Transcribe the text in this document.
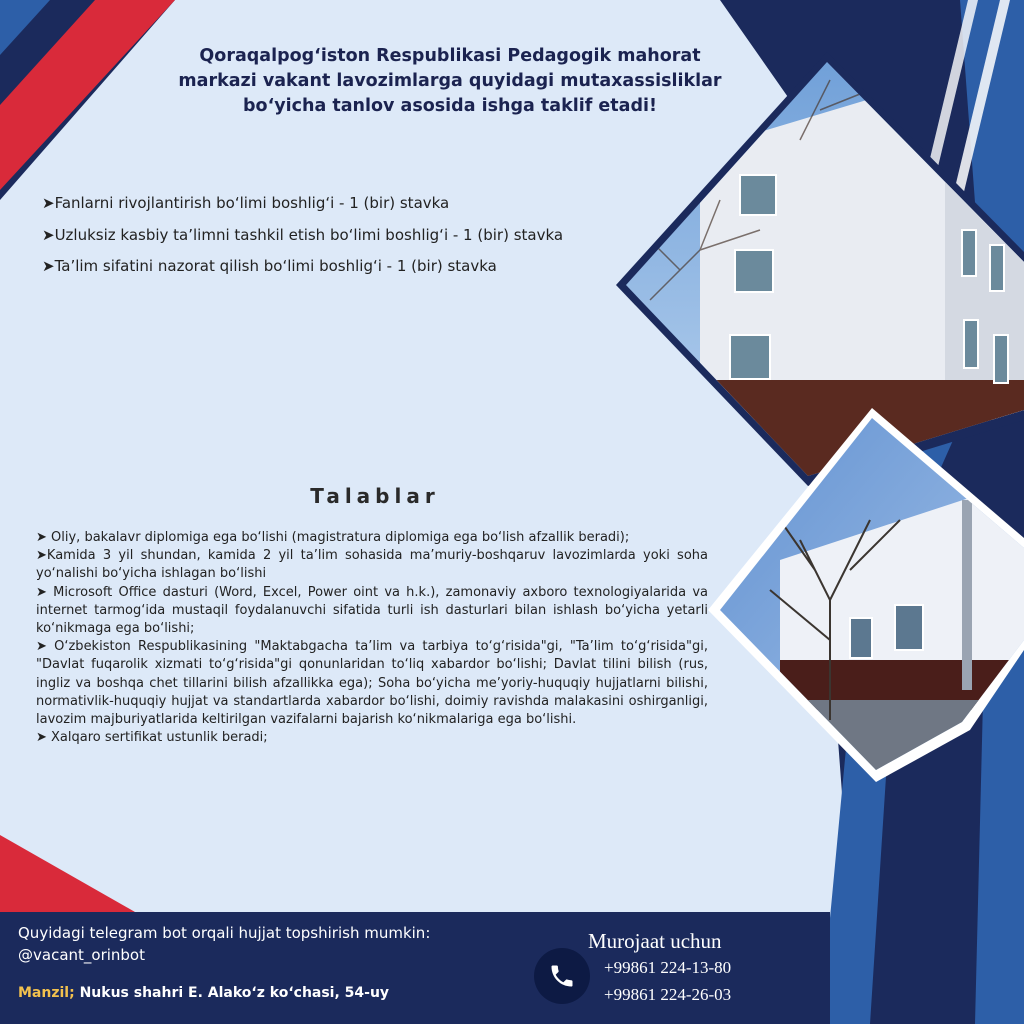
Qoraqalpog‘iston Respublikasi Pedagogik mahorat
markazi vakant lavozimlarga quyidagi mutaxassisliklar
bo‘yicha tanlov asosida ishga taklif etadi!
➤Fanlarni rivojlantirish bo‘limi boshlig‘i - 1 (bir) stavka
➤Uzluksiz kasbiy ta’limni tashkil etish bo‘limi boshlig‘i - 1 (bir) stavka
➤Ta’lim sifatini nazorat qilish bo‘limi boshlig‘i - 1 (bir) stavka
Talablar

➤ Oliy, bakalavr diplomiga ega bo‘lishi (magistratura diplomiga ega bo‘lish afzallik beradi);

➤Kamida 3 yil shundan, kamida 2 yil ta’lim sohasida ma’muriy-boshqaruv lavozimlarda yoki soha yo‘nalishi bo‘yicha ishlagan bo‘lishi

➤ Microsoft Office dasturi (Word, Excel, Power oint va h.k.), zamonaviy axboro texnologiyalarida va internet tarmog‘ida mustaqil foydalanuvchi sifatida turli ish dasturlari bilan ishlash bo‘yicha yetarli ko‘nikmaga ega bo‘lishi;

➤ O‘zbekiston Respublikasining "Maktabgacha ta’lim va tarbiya to‘g‘risida"gi, "Ta’lim to‘g‘risida"gi, "Davlat fuqarolik xizmati to‘g‘risida"gi qonunlaridan to‘liq xabardor bo‘lishi; Davlat tilini bilish (rus, ingliz va boshqa chet tillarini bilish afzallikka ega); Soha bo‘yicha me’yoriy-huquqiy hujjatlarni bilishi, normativlik-huquqiy hujjat va standartlarda xabardor bo‘lishi, doimiy ravishda malakasini oshirganligi, lavozim majburiyatlarida keltirilgan vazifalarni bajarish ko‘nikmalariga ega bo‘lishi.

➤ Xalqaro sertifikat ustunlik beradi;

Quyidagi telegram bot orqali hujjat topshirish mumkin:
@vacant_orinbot
Manzil; Nukus shahri E. Alako‘z ko‘chasi, 54-uy
Murojaat uchun
+99861 224-13-80
+99861 224-26-03
